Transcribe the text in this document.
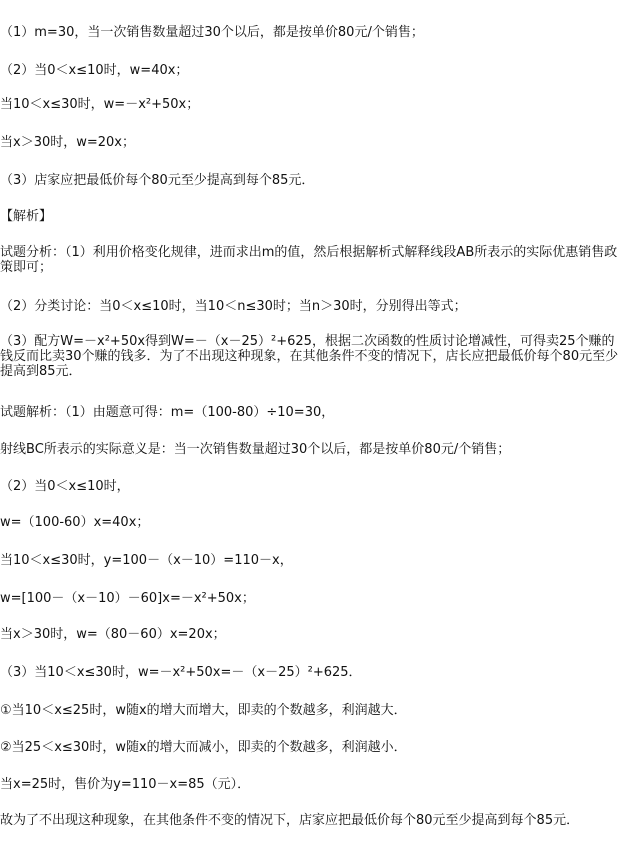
（1）m=30，当一次销售数量超过30个以后，都是按单价80元/个销售；
（2）当0＜x≤10时，w=40x；
当10＜x≤30时，w=－x²+50x；
当x＞30时，w=20x；
（3）店家应把最低价每个80元至少提高到每个85元．
【解析】
试题分析：（1）利用价格变化规律，进而求出m的值，然后根据解析式解释线段AB所表示的实际优惠销售政策即可；
（2）分类讨论：当0＜x≤10时，当10＜n≤30时；当n＞30时，分别得出等式；
（3）配方W=－x²+50x得到W=－（x－25）²+625，根据二次函数的性质讨论增减性，可得卖25个赚的钱反而比卖30个赚的钱多．为了不出现这种现象，在其他条件不变的情况下，店长应把最低价每个80元至少提高到85元．
试题解析：（1）由题意可得：m=（100-80）÷10=30，
射线BC所表示的实际意义是：当一次销售数量超过30个以后，都是按单价80元/个销售；
（2）当0＜x≤10时，
w=（100-60）x=40x；
当10＜x≤30时，y=100－（x－10）=110－x，
w=[100－（x－10）－60]x=－x²+50x；
当x＞30时，w=（80－60）x=20x；
（3）当10＜x≤30时，w=－x²+50x=－（x－25）²+625．
①当10＜x≤25时，w随x的增大而增大，即卖的个数越多，利润越大．
②当25＜x≤30时，w随x的增大而减小，即卖的个数越多，利润越小．
当x=25时，售价为y=110－x=85（元）．
故为了不出现这种现象，在其他条件不变的情况下，店家应把最低价每个80元至少提高到每个85元．
